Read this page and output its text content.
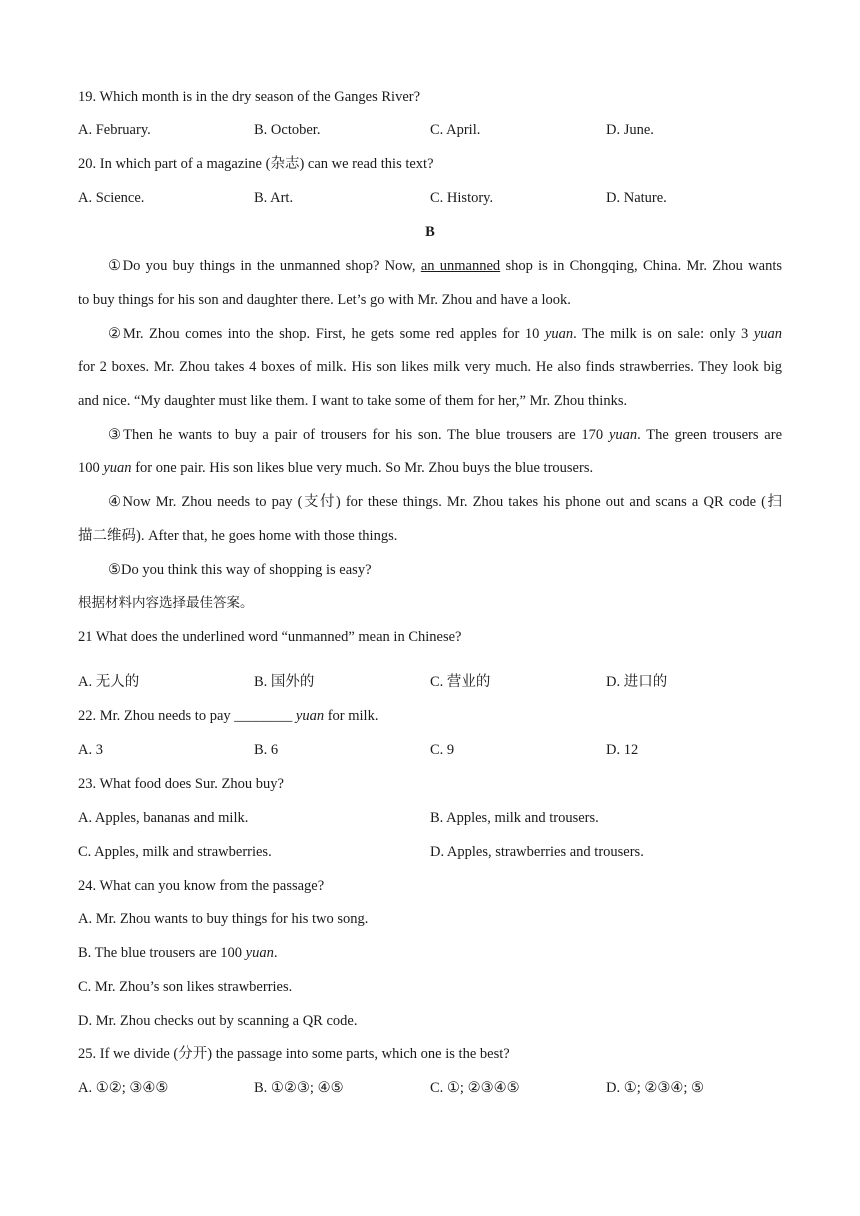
19. Which month is in the dry season of the Ganges River?
A. February.	B. October.	C. April.	D. June.
20. In which part of a magazine (杂志) can we read this text?
A. Science.	B. Art.	C. History.	D. Nature.
B
①Do you buy things in the unmanned shop? Now, an unmanned shop is in Chongqing, China. Mr. Zhou wants
to buy things for his son and daughter there. Let’s go with Mr. Zhou and have a look.
②Mr. Zhou comes into the shop. First, he gets some red apples for 10 yuan. The milk is on sale: only 3 yuan
for 2 boxes. Mr. Zhou takes 4 boxes of milk. His son likes milk very much. He also finds strawberries. They look big
and nice. “My daughter must like them. I want to take some of them for her,” Mr. Zhou thinks.
③Then he wants to buy a pair of trousers for his son. The blue trousers are 170 yuan. The green trousers are
100 yuan for one pair. His son likes blue very much. So Mr. Zhou buys the blue trousers.
④Now Mr. Zhou needs to pay (支付) for these things. Mr. Zhou takes his phone out and scans a QR code (扫
描二维码). After that, he goes home with those things.
⑤Do you think this way of shopping is easy?
根据材料内容选择最佳答案。
21 What does the underlined word “unmanned” mean in Chinese?
A. 无人的	B. 国外的	C. 营业的	D. 进口的
22. Mr. Zhou needs to pay ________ yuan for milk.
A. 3	B. 6	C. 9	D. 12
23. What food does Sur. Zhou buy?
A. Apples, bananas and milk.	B. Apples, milk and trousers.
C. Apples, milk and strawberries.	D. Apples, strawberries and trousers.
24. What can you know from the passage?
A. Mr. Zhou wants to buy things for his two song.
B. The blue trousers are 100 yuan.
C. Mr. Zhou’s son likes strawberries.
D. Mr. Zhou checks out by scanning a QR code.
25. If we divide (分开) the passage into some parts, which one is the best?
A. ①②; ③④⑤	B. ①②③; ④⑤	C. ①; ②③④⑤	D. ①; ②③④; ⑤
